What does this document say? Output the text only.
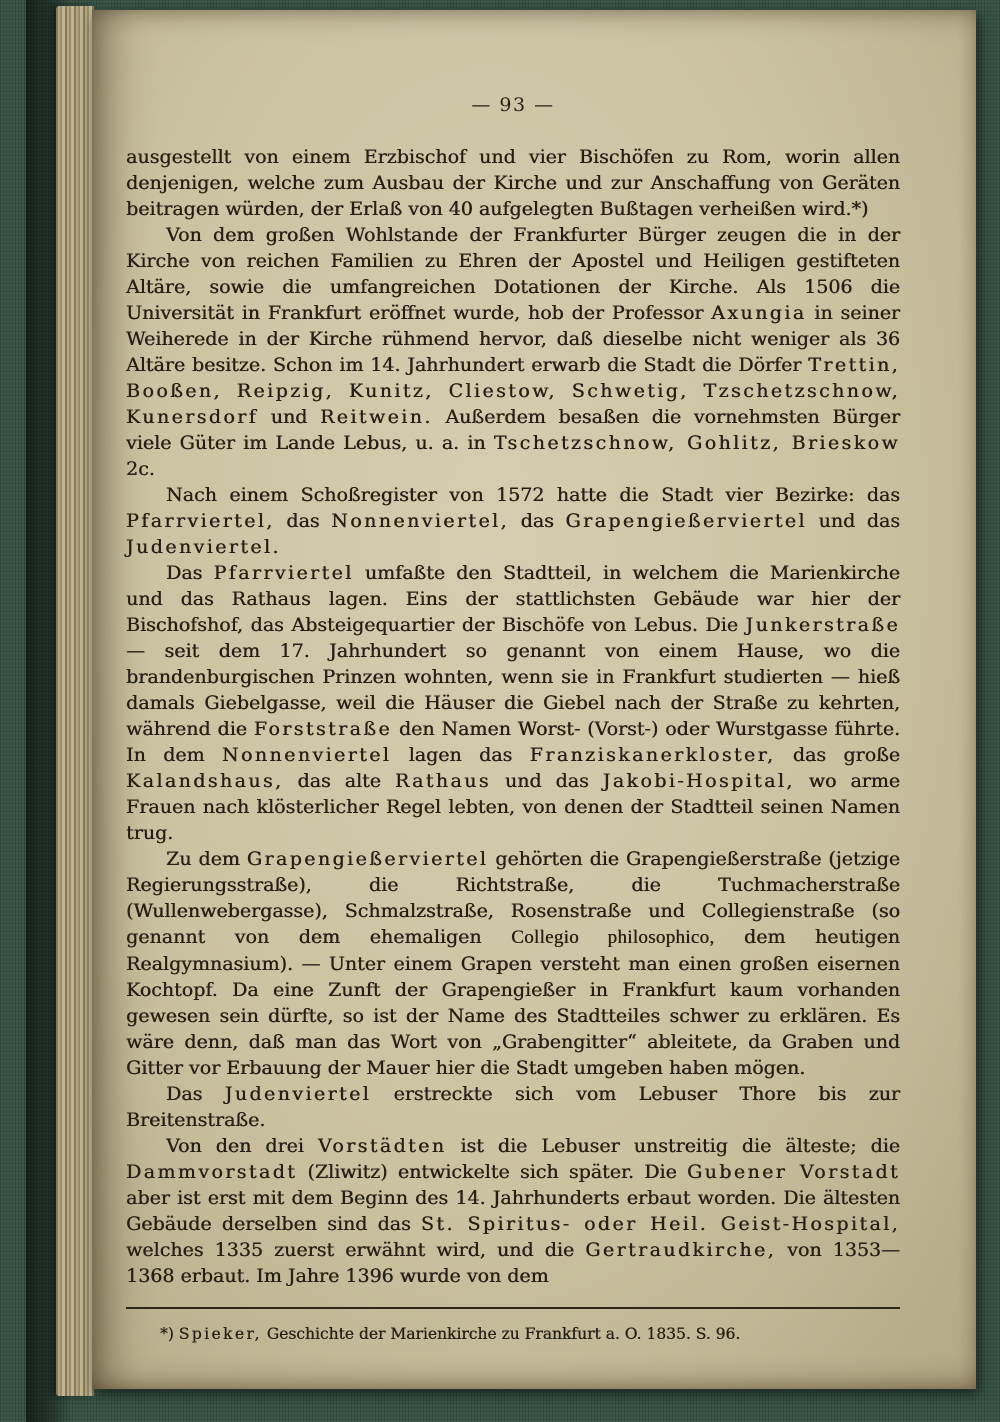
— 93 —

ausgestellt von einem Erzbischof und vier Bischöfen zu Rom, worin allen denjenigen, welche zum Ausbau der Kirche und zur Anschaffung von Geräten beitragen würden, der Erlaß von 40 aufgelegten Bußtagen verheißen wird.*)

Von dem großen Wohlstande der Frankfurter Bürger zeugen die in der Kirche von reichen Familien zu Ehren der Apostel und Heiligen gestifteten Altäre, sowie die umfangreichen Dotationen der Kirche. Als 1506 die Universität in Frankfurt eröffnet wurde, hob der Professor Axungia in seiner Weiherede in der Kirche rühmend hervor, daß dieselbe nicht weniger als 36 Altäre besitze. Schon im 14. Jahrhundert erwarb die Stadt die Dörfer Trettin, Booßen, Reipzig, Kunitz, Cliestow, Schwetig, Tzschetzschnow, Kunersdorf und Reitwein. Außerdem besaßen die vornehmsten Bürger viele Güter im Lande Lebus, u. a. in Tschetzschnow, Gohlitz, Brieskow 2c.

Nach einem Schoßregister von 1572 hatte die Stadt vier Bezirke: das Pfarrviertel, das Nonnenviertel, das Grapengießerviertel und das Judenviertel.

Das Pfarrviertel umfaßte den Stadtteil, in welchem die Marienkirche und das Rathaus lagen. Eins der stattlichsten Gebäude war hier der Bischofshof, das Absteigequartier der Bischöfe von Lebus. Die Junkerstraße — seit dem 17. Jahrhundert so genannt von einem Hause, wo die brandenburgischen Prinzen wohnten, wenn sie in Frankfurt studierten — hieß damals Giebelgasse, weil die Häuser die Giebel nach der Straße zu kehrten, während die Forststraße den Namen Worst- (Vorst-) oder Wurstgasse führte. In dem Nonnenviertel lagen das Franziskanerkloster, das große Kalandshaus, das alte Rathaus und das Jakobi-Hospital, wo arme Frauen nach klösterlicher Regel lebten, von denen der Stadtteil seinen Namen trug.

Zu dem Grapengießerviertel gehörten die Grapengießerstraße (jetzige Regierungsstraße), die Richtstraße, die Tuchmacherstraße (Wullenwebergasse), Schmalzstraße, Rosenstraße und Collegienstraße (so genannt von dem ehemaligen Collegio philosophico, dem heutigen Realgymnasium). — Unter einem Grapen versteht man einen großen eisernen Kochtopf. Da eine Zunft der Grapengießer in Frankfurt kaum vorhanden gewesen sein dürfte, so ist der Name des Stadtteiles schwer zu erklären. Es wäre denn, daß man das Wort von „Grabengitter“ ableitete, da Graben und Gitter vor Erbauung der Mauer hier die Stadt umgeben haben mögen.

Das Judenviertel erstreckte sich vom Lebuser Thore bis zur Breitenstraße.

Von den drei Vorstädten ist die Lebuser unstreitig die älteste; die Dammvorstadt (Zliwitz) entwickelte sich später. Die Gubener Vorstadt aber ist erst mit dem Beginn des 14. Jahrhunderts erbaut worden. Die ältesten Gebäude derselben sind das St. Spiritus- oder Heil. Geist-Hospital, welches 1335 zuerst erwähnt wird, und die Gertraudkirche, von 1353—1368 erbaut. Im Jahre 1396 wurde von dem

*) Spieker, Geschichte der Marienkirche zu Frankfurt a. O. 1835. S. 96.
